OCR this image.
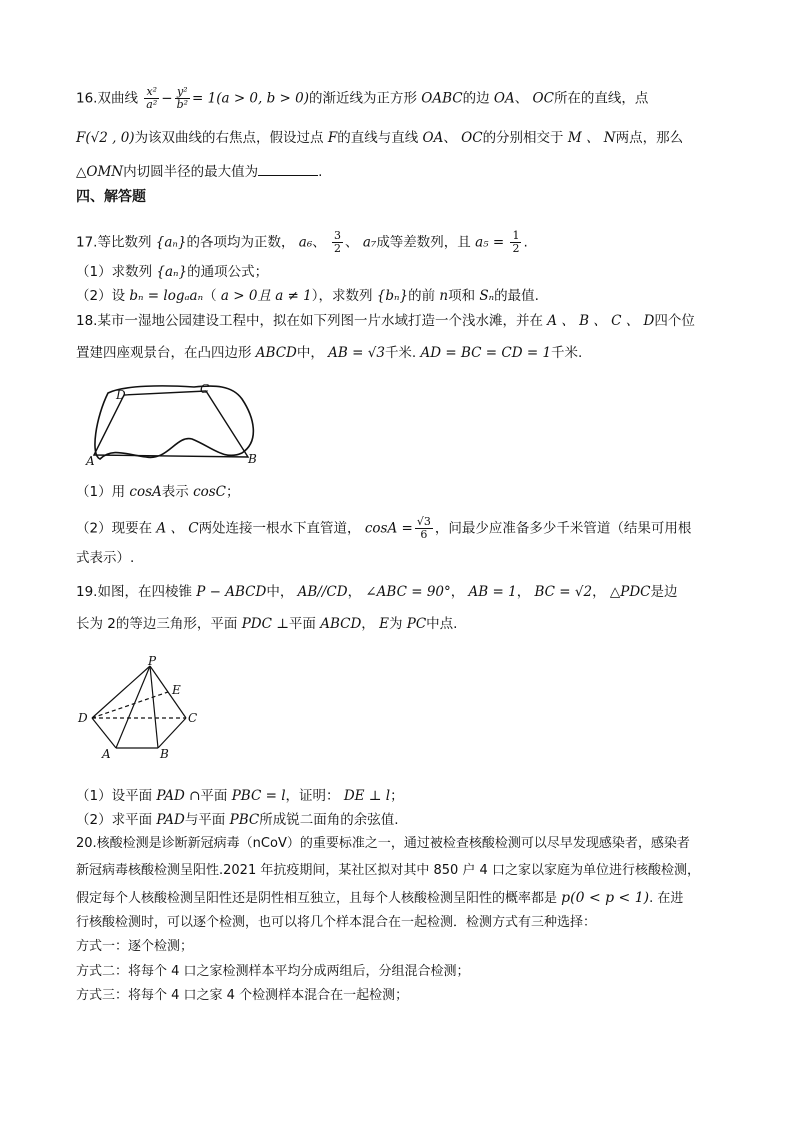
16.双曲线 $\frac{\text{x²}}{\text{a²}} - \frac{\text{y²}}{\text{b²}} = 1(a > 0$, b > 0)的渐近线为正方形 OABC的边 OA、 OC所在的直线，点
F(√2 , 0)为该双曲线的右焦点，假设过点 F的直线与直线 OA、 OC的分别相交于 M 、 N两点，那么
△OMN内切圆半径的最大值为	.
四、解答题
17.等比数列 {aₙ}的各项均为正数， a₆、 $\frac{3}{2}$ 、 a₇成等差数列，且 $a_5 = \frac{1}{2}$ .
（1）求数列 {aₙ}的通项公式；
（2）设 bₙ = logₐaₙ（ a > 0且 a ≠ 1），求数列 {bₙ}的前 n项和 Sₙ的最值.
18.某市一湿地公园建设工程中，拟在如下列图一片水域打造一个浅水滩，并在 A 、 B 、 C 、 D四个位
置建四座观景台，在凸四边形 ABCD中， AB = √3千米. AD = BC = CD = 1千米.
D	C
A	B
（1）用 cosA表示 cosC；
（2）现要在 A 、 C两处连接一根水下直管道， $\cos A = \frac{√3}{6}$ ，问最少应准备多少千米管道（结果可用根
式表示）.
19.如图，在四棱锥 P − ABCD中， AB//CD， ∠ABC = 90°， AB = 1， BC = √2， △PDC是边
长为 2的等边三角形，平面 PDC ⊥平面 ABCD， E为 PC中点.
P
E
D	C
A	B
（1）设平面 PAD ∩平面 PBC = l，证明： DE ⊥ l；
（2）求平面 PAD与平面 PBC所成锐二面角的余弦值.
20.核酸检测是诊断新冠病毒（nCoV）的重要标准之一，通过被检查核酸检测可以尽早发现感染者，感染者
新冠病毒核酸检测呈阳性.2021 年抗疫期间，某社区拟对其中 850 户 4 口之家以家庭为单位进行核酸检测，
假定每个人核酸检测呈阳性还是阴性相互独立，且每个人核酸检测呈阳性的概率都是 p(0 < p < 1). 在进
行核酸检测时，可以逐个检测，也可以将几个样本混合在一起检测．检测方式有三种选择：
方式一：逐个检测；
方式二：将每个 4 口之家检测样本平均分成两组后，分组混合检测；
方式三：将每个 4 口之家 4 个检测样本混合在一起检测；
